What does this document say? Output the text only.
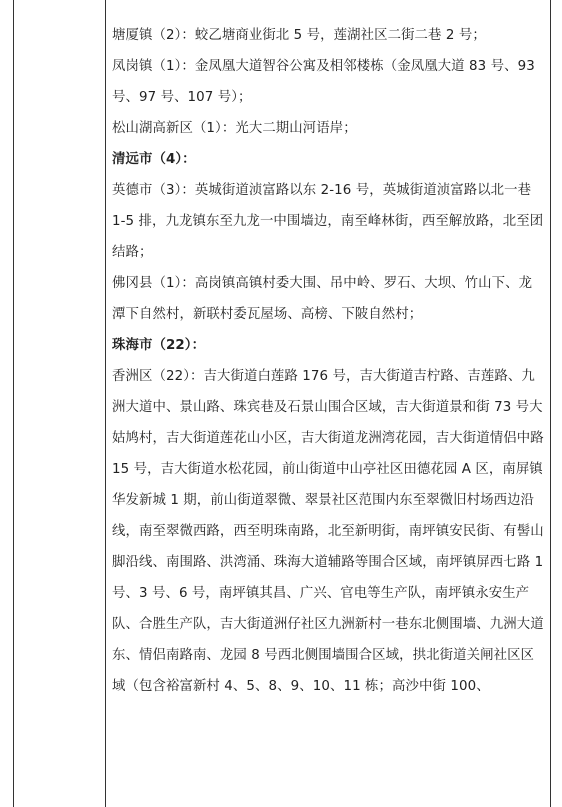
塘厦镇（2）：蛟乙塘商业街北 5 号，莲湖社区二街二巷 2 号；

凤岗镇（1）：金凤凰大道智谷公寓及相邻楼栋（金凤凰大道 83 号、93 号、97 号、107 号）；

松山湖高新区（1）：光大二期山河语岸；

清远市（4）：

英德市（3）：英城街道浈富路以东 2-16 号，英城街道浈富路以北一巷 1-5 排，九龙镇东至九龙一中围墙边，南至峰林街，西至解放路，北至团结路；

佛冈县（1）：高岗镇高镇村委大围、吊中岭、罗石、大坝、竹山下、龙潭下自然村，新联村委瓦屋场、高榜、下陂自然村；

珠海市（22）：

香洲区（22）：吉大街道白莲路 176 号，吉大街道吉柠路、吉莲路、九洲大道中、景山路、珠宾巷及石景山围合区域，吉大街道景和街 73 号大姑鸠村，吉大街道莲花山小区，吉大街道龙洲湾花园，吉大街道情侣中路 15 号，吉大街道水松花园，前山街道中山亭社区田德花园 A 区，南屏镇华发新城 1 期，前山街道翠微、翠景社区范围内东至翠微旧村场西边沿线，南至翠微西路，西至明珠南路，北至新明街，南坪镇安民街、有髻山脚沿线、南围路、洪湾涌、珠海大道辅路等围合区域，南坪镇屏西七路 1 号、3 号、6 号，南坪镇其昌、广兴、官电等生产队，南坪镇永安生产队、合胜生产队，吉大街道洲仔社区九洲新村一巷东北侧围墙、九洲大道东、情侣南路南、龙园 8 号西北侧围墙围合区域，拱北街道关闸社区区域（包含裕富新村 4、5、8、9、10、11 栋；高沙中街 100、
